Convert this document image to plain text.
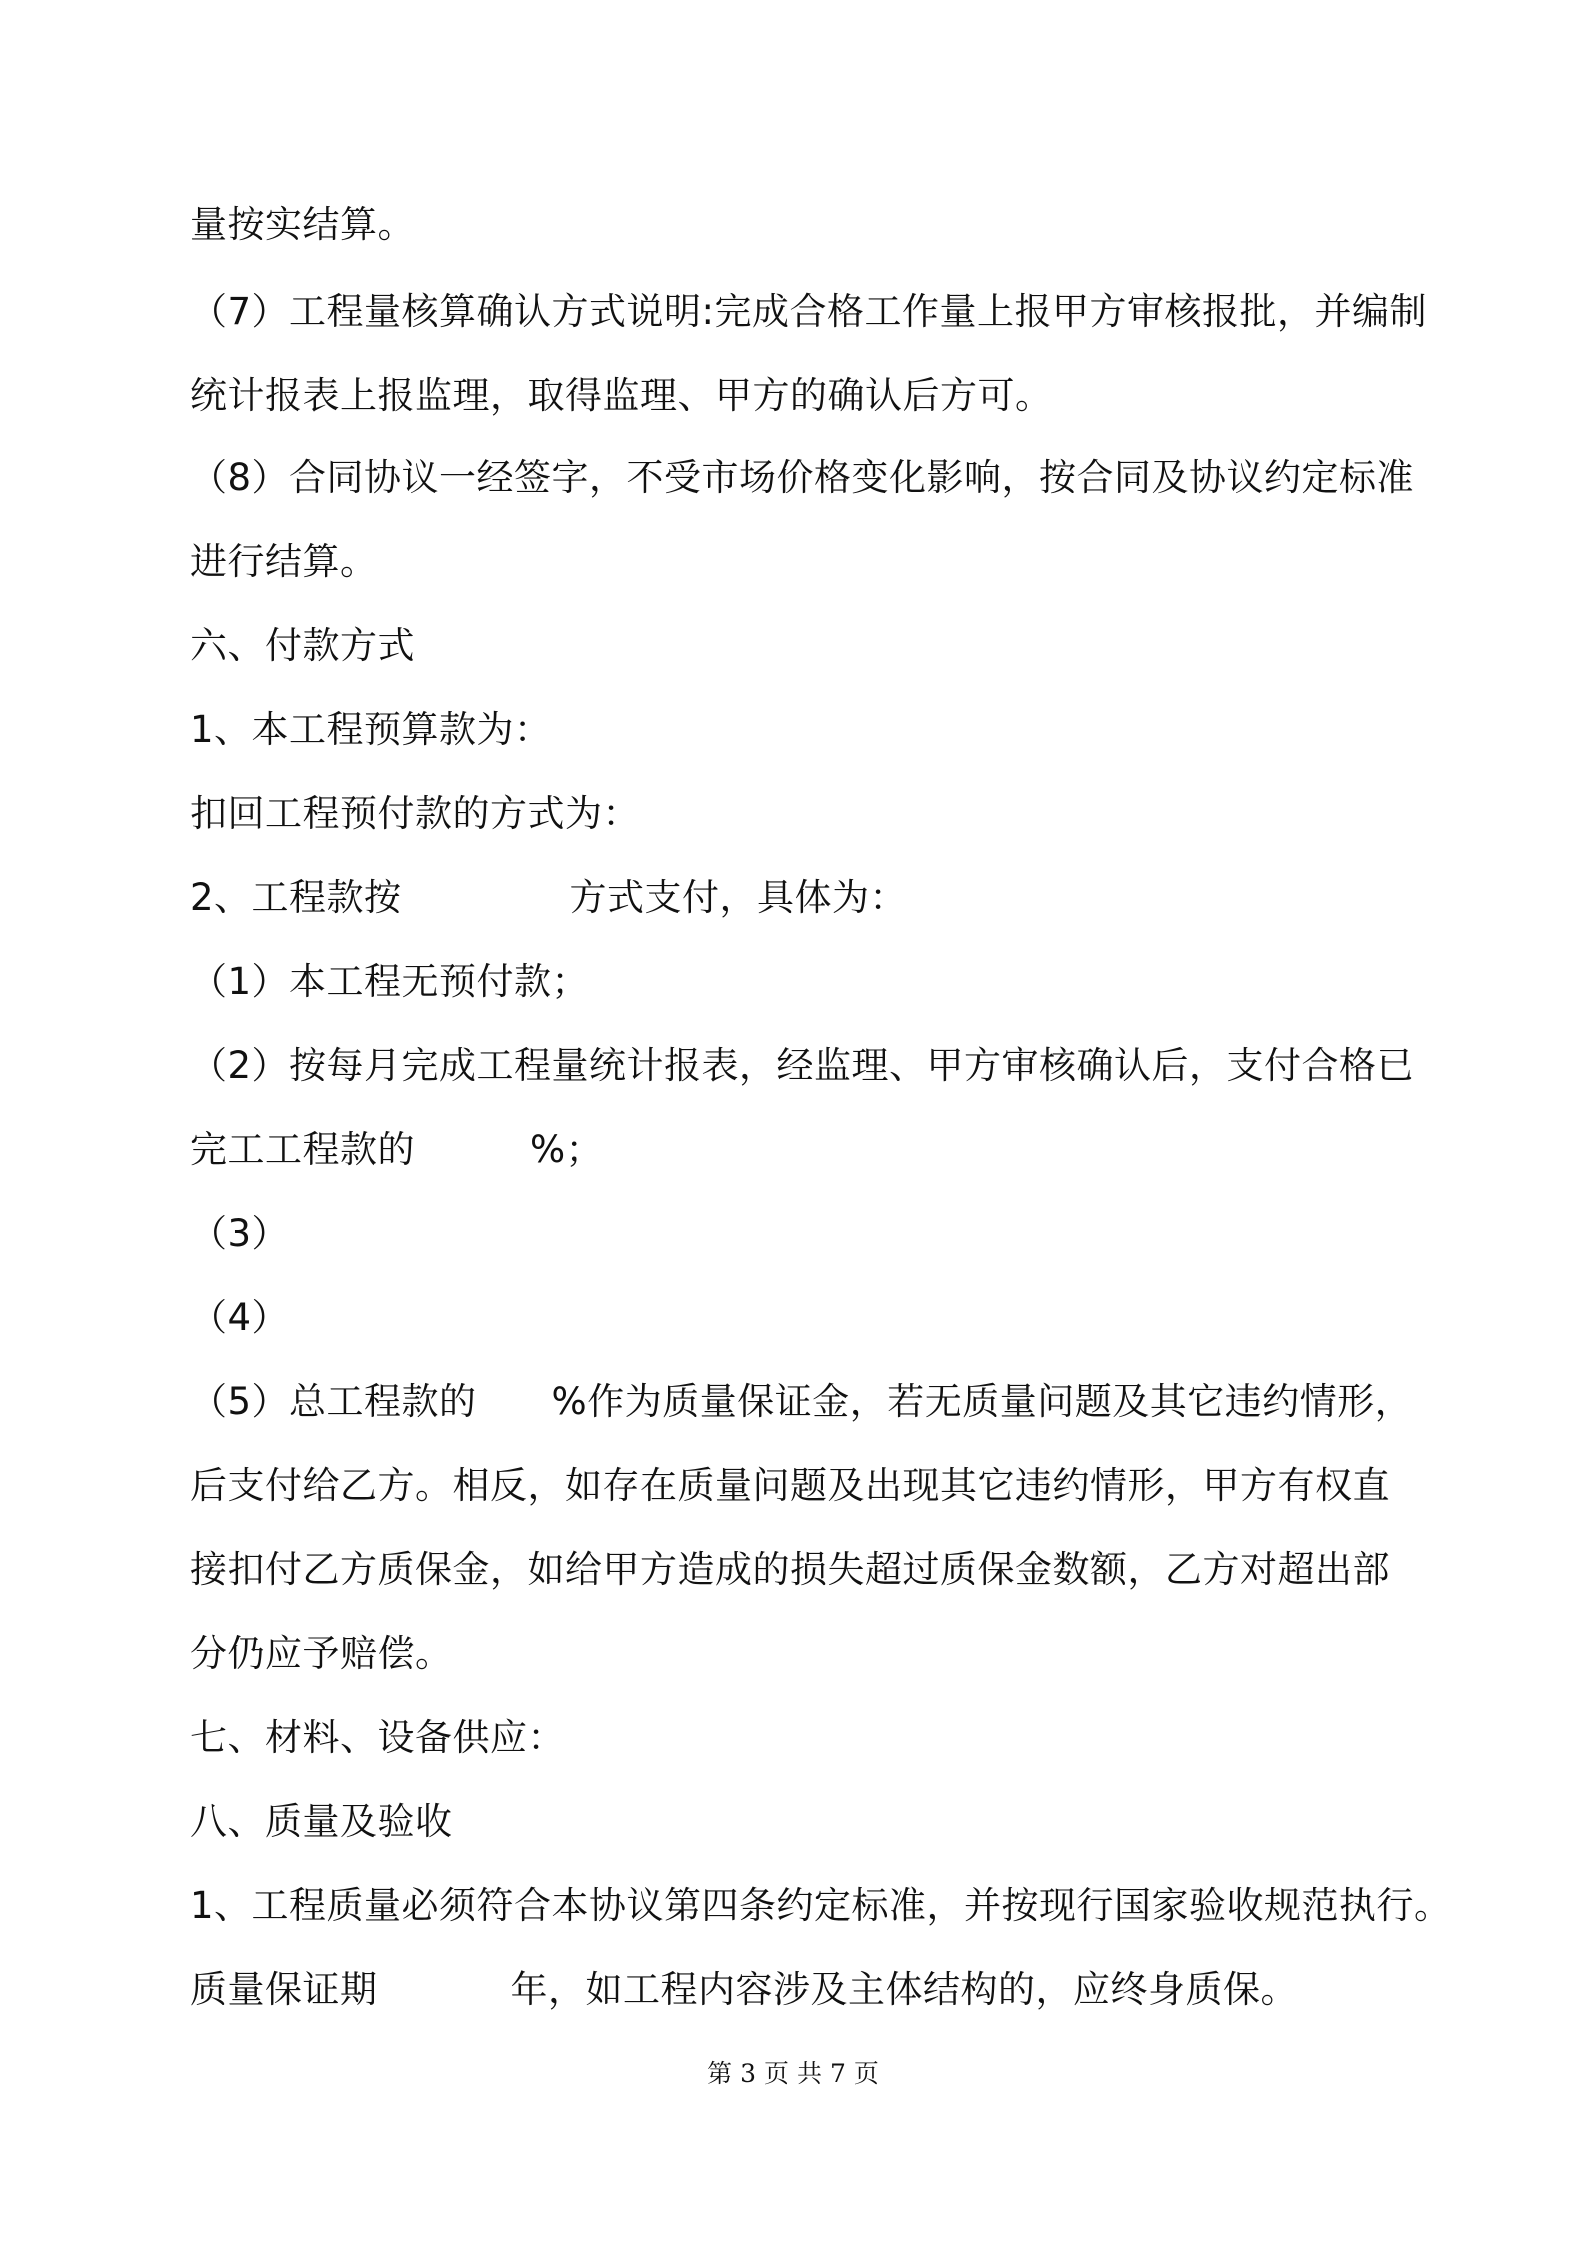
量按实结算。
（7）工程量核算确认方式说明:完成合格工作量上报甲方审核报批，并编制
统计报表上报监理，取得监理、甲方的确认后方可。
（8）合同协议一经签字，不受市场价格变化影响，按合同及协议约定标准
进行结算。
六、付款方式
1、本工程预算款为：
扣回工程预付款的方式为：
2、工程款按	方式支付，具体为：
（1）本工程无预付款；
（2）按每月完成工程量统计报表，经监理、甲方审核确认后，支付合格已
完工工程款的	%；
（3）
（4）
（5）总工程款的 %作为质量保证金，若无质量问题及其它违约情形，
后支付给乙方。相反，如存在质量问题及出现其它违约情形，甲方有权直
接扣付乙方质保金，如给甲方造成的损失超过质保金数额，乙方对超出部
分仍应予赔偿。
七、材料、设备供应：
八、质量及验收
1、工程质量必须符合本协议第四条约定标准，并按现行国家验收规范执行。
质量保证期	年，如工程内容涉及主体结构的，应终身质保。
第 3 页 共 7 页
